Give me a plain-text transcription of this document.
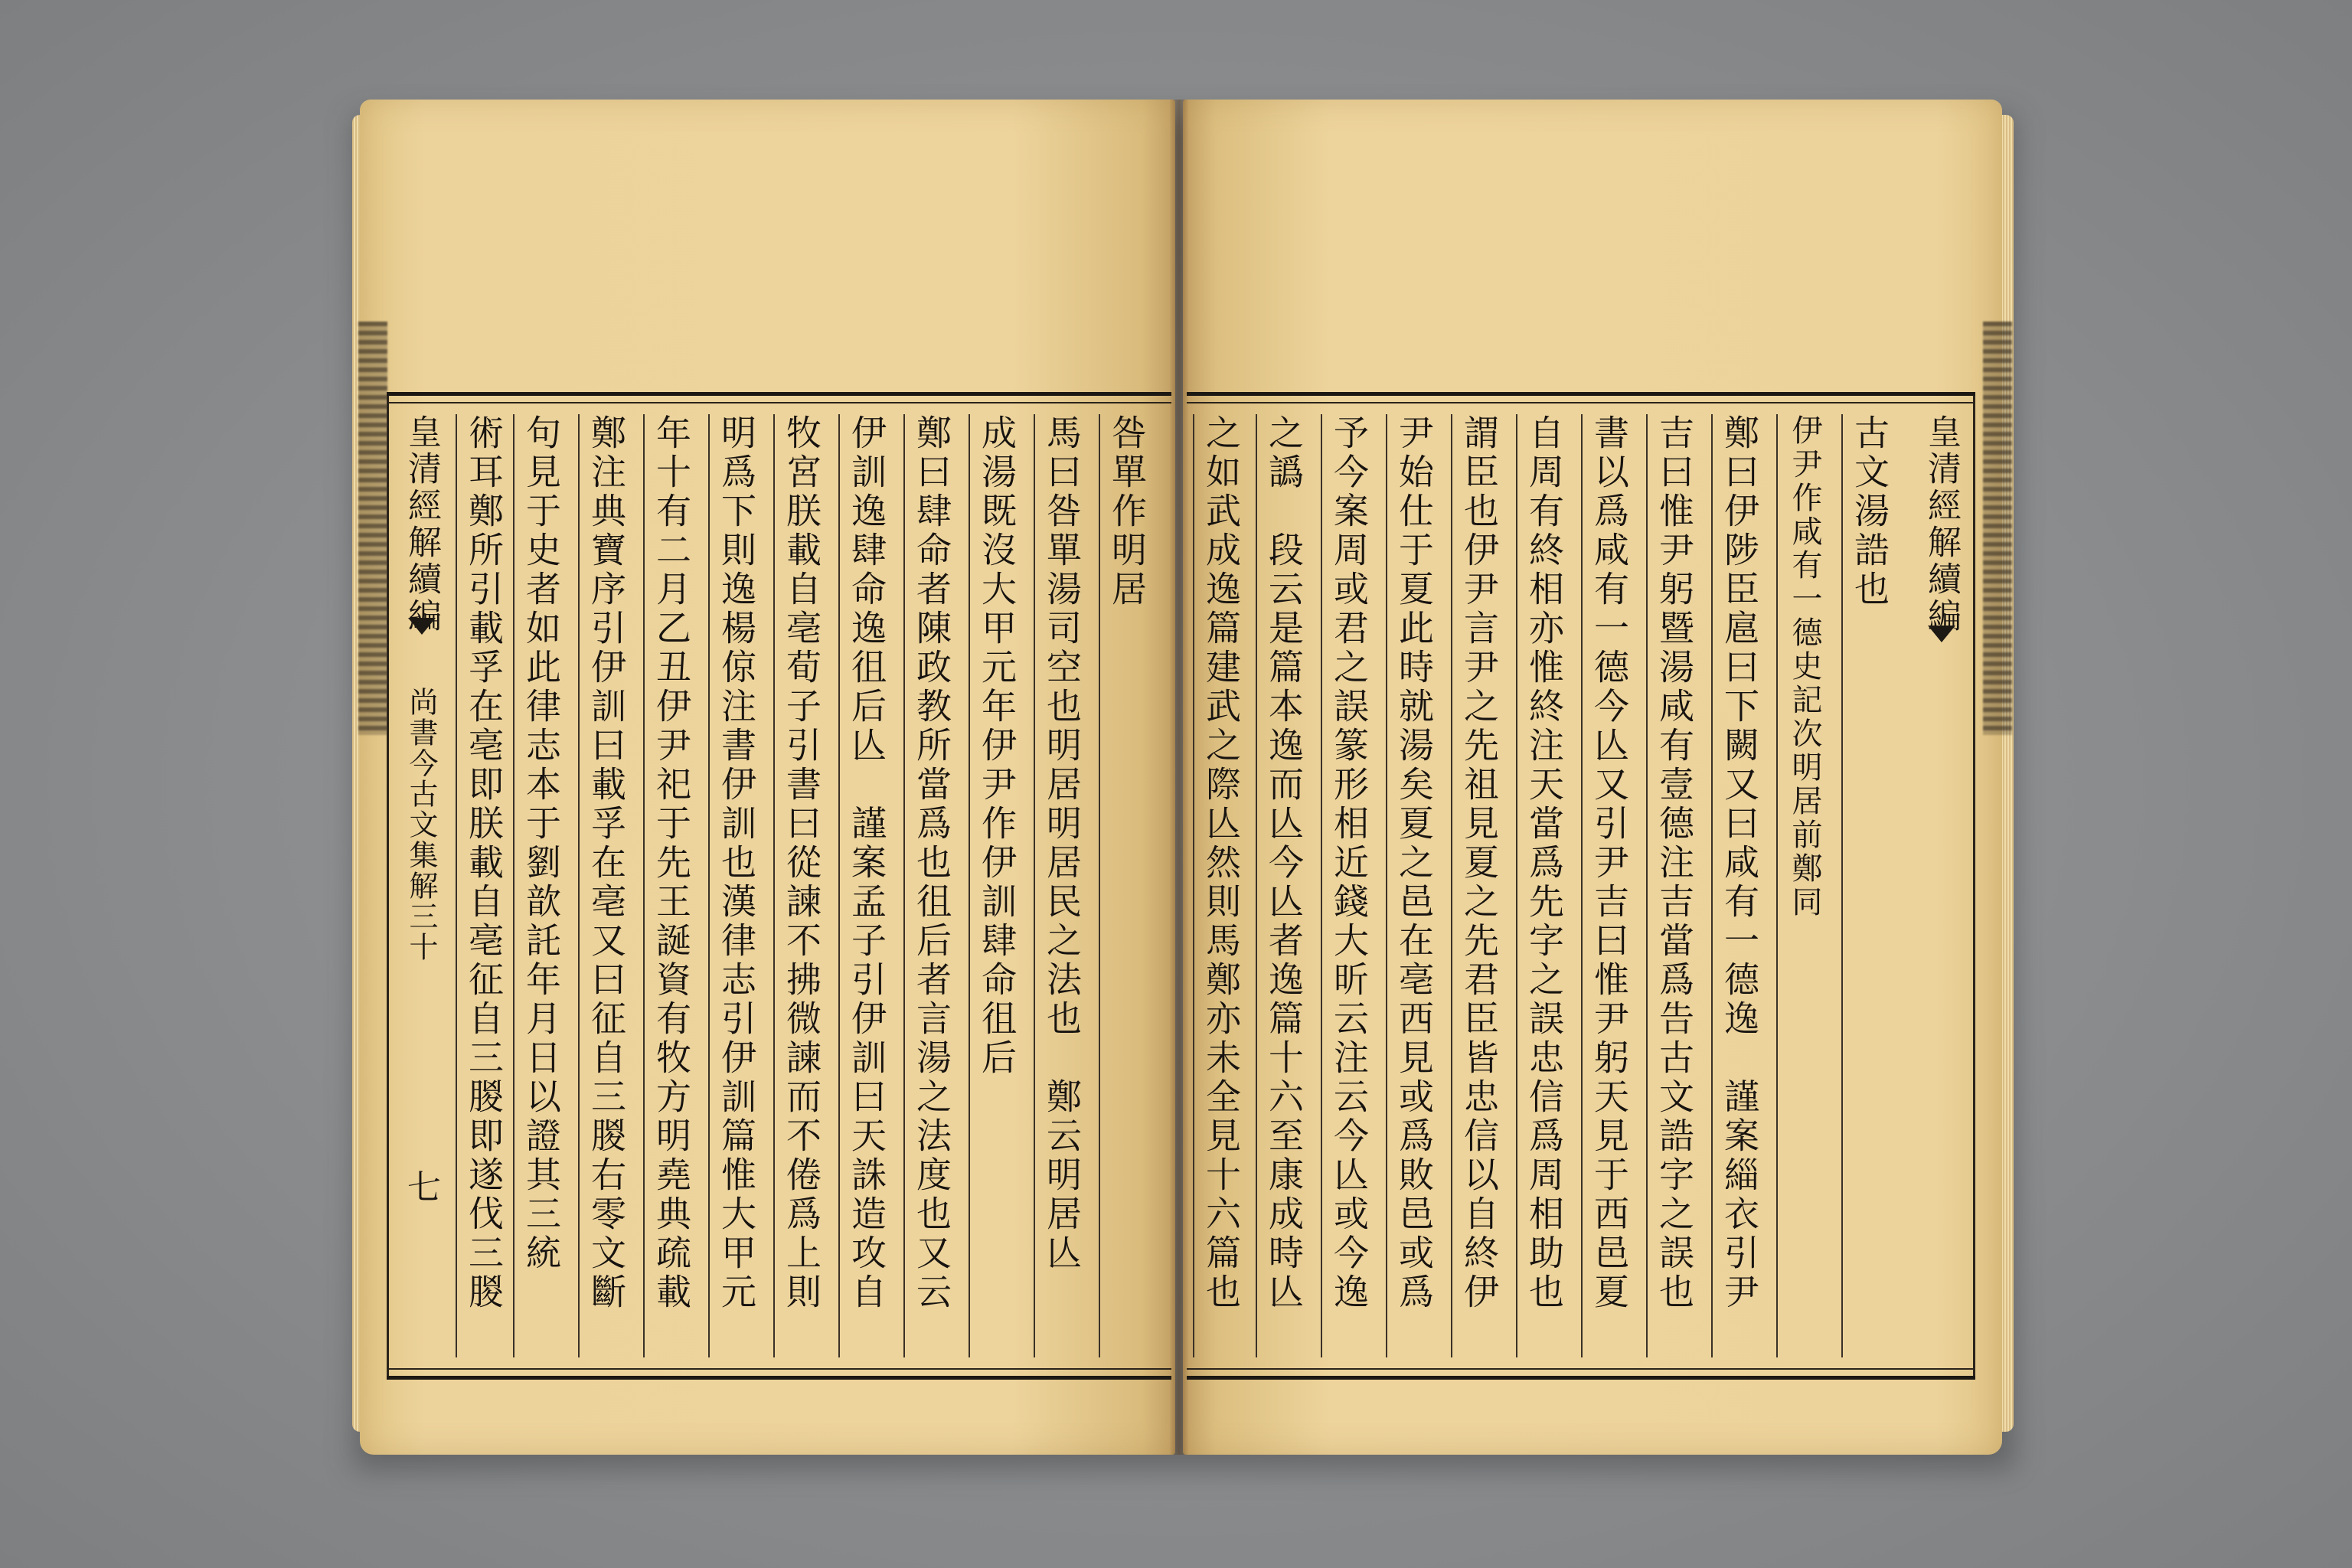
皇清經解續編
尚書今古文集解三十
七
咎單作明居
馬曰咎單湯司空也明居明居民之法也　鄭云明居亾
成湯既沒大甲元年伊尹作伊訓肆命徂后
鄭曰肆命者陳政教所當爲也徂后者言湯之法度也又云
伊訓逸肆命逸徂后亾　謹案孟子引伊訓曰天誅造攻自
牧宮朕載自亳荀子引書曰從諫不拂微諫而不倦爲上則
明爲下則逸楊倞注書伊訓也漢律志引伊訓篇惟大甲元
年十有二月乙丑伊尹祀于先王誕資有牧方明堯典疏載
鄭注典寶序引伊訓曰載孚在亳又曰征自三朡右零文斷
句見于史者如此律志本于劉歆託年月日以證其三統
術耳鄭所引載孚在亳即朕載自亳征自三朡即遂伐三朡	皇清經解續編
古文湯誥也
伊尹作咸有一德史記次明居前鄭同
鄭曰伊陟臣扈曰下闕又曰咸有一德逸　謹案緇衣引尹
吉曰惟尹躬暨湯咸有壹德注吉當爲告古文誥字之誤也
書以爲咸有一德今亾又引尹吉曰惟尹躬天見于西邑夏
自周有終相亦惟終注天當爲先字之誤忠信爲周相助也
謂臣也伊尹言尹之先祖見夏之先君臣皆忠信以自終伊
尹始仕于夏此時就湯矣夏之邑在亳西見或爲敗邑或爲
予今案周或君之誤篆形相近錢大昕云注云今亾或今逸
之譌　段云是篇本逸而亾今亾者逸篇十六至康成時亾
之如武成逸篇建武之際亾然則馬鄭亦未全見十六篇也
